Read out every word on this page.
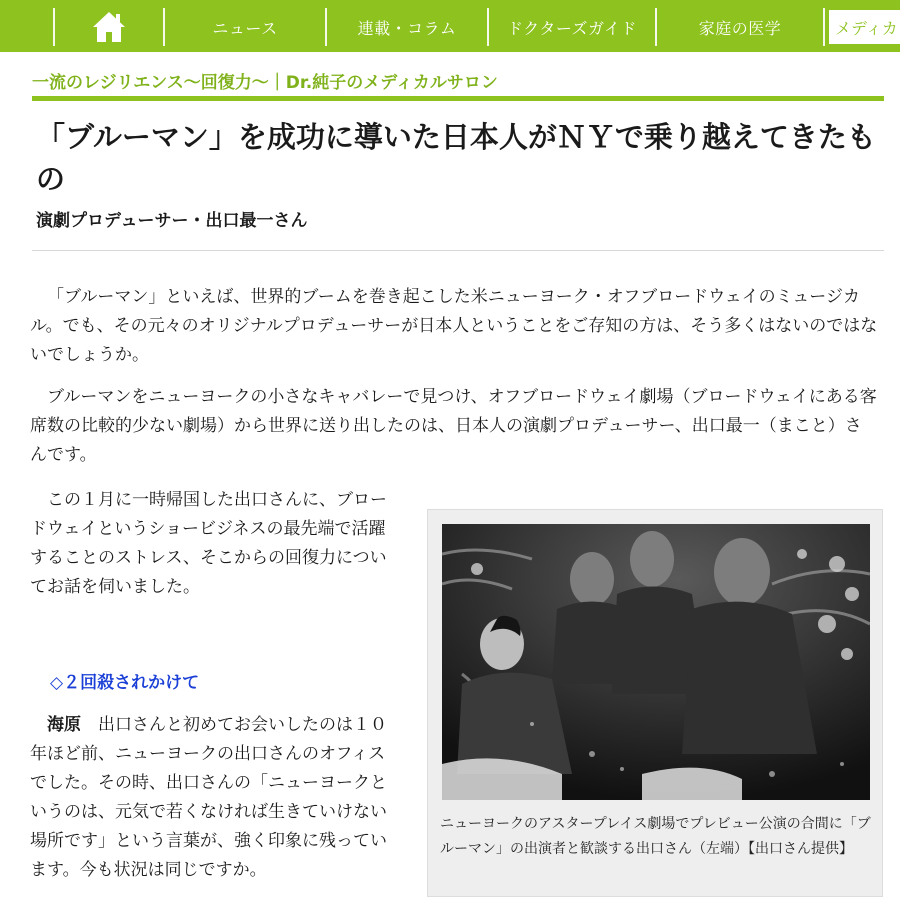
ニュース	連載・コラム	ドクターズガイド	家庭の医学	メディカ
一流のレジリエンス〜回復力〜｜Dr.純子のメディカルサロン
「ブルーマン」を成功に導いた日本人がＮＹで乗り越えてきたもの
演劇プロデューサー・出口最一さん

「ブルーマン」といえば、世界的ブームを巻き起こした米ニューヨーク・オフブロードウェイのミュージカル。でも、その元々のオリジナルプロデューサーが日本人ということをご存知の方は、そう多くはないのではないでしょうか。

ブルーマンをニューヨークの小さなキャバレーで見つけ、オフブロードウェイ劇場（ブロードウェイにある客席数の比較的少ない劇場）から世界に送り出したのは、日本人の演劇プロデューサー、出口最一（まこと）さんです。

この１月に一時帰国した出口さんに、ブロードウェイというショービジネスの最先端で活躍することのストレス、そこからの回復力についてお話を伺いました。

◇２回殺されかけて

海原　 出口さんと初めてお会いしたのは１０年ほど前、ニューヨークの出口さんのオフィスでした。その時、出口さんの「ニューヨークというのは、元気で若くなければ生きていけない場所です」という言葉が、強く印象に残っています。今も状況は同じですか。

ニューヨークのアスタープレイス劇場でプレビュー公演の合間に「ブルーマン」の出演者と歓談する出口さん（左端）【出口さん提供】
